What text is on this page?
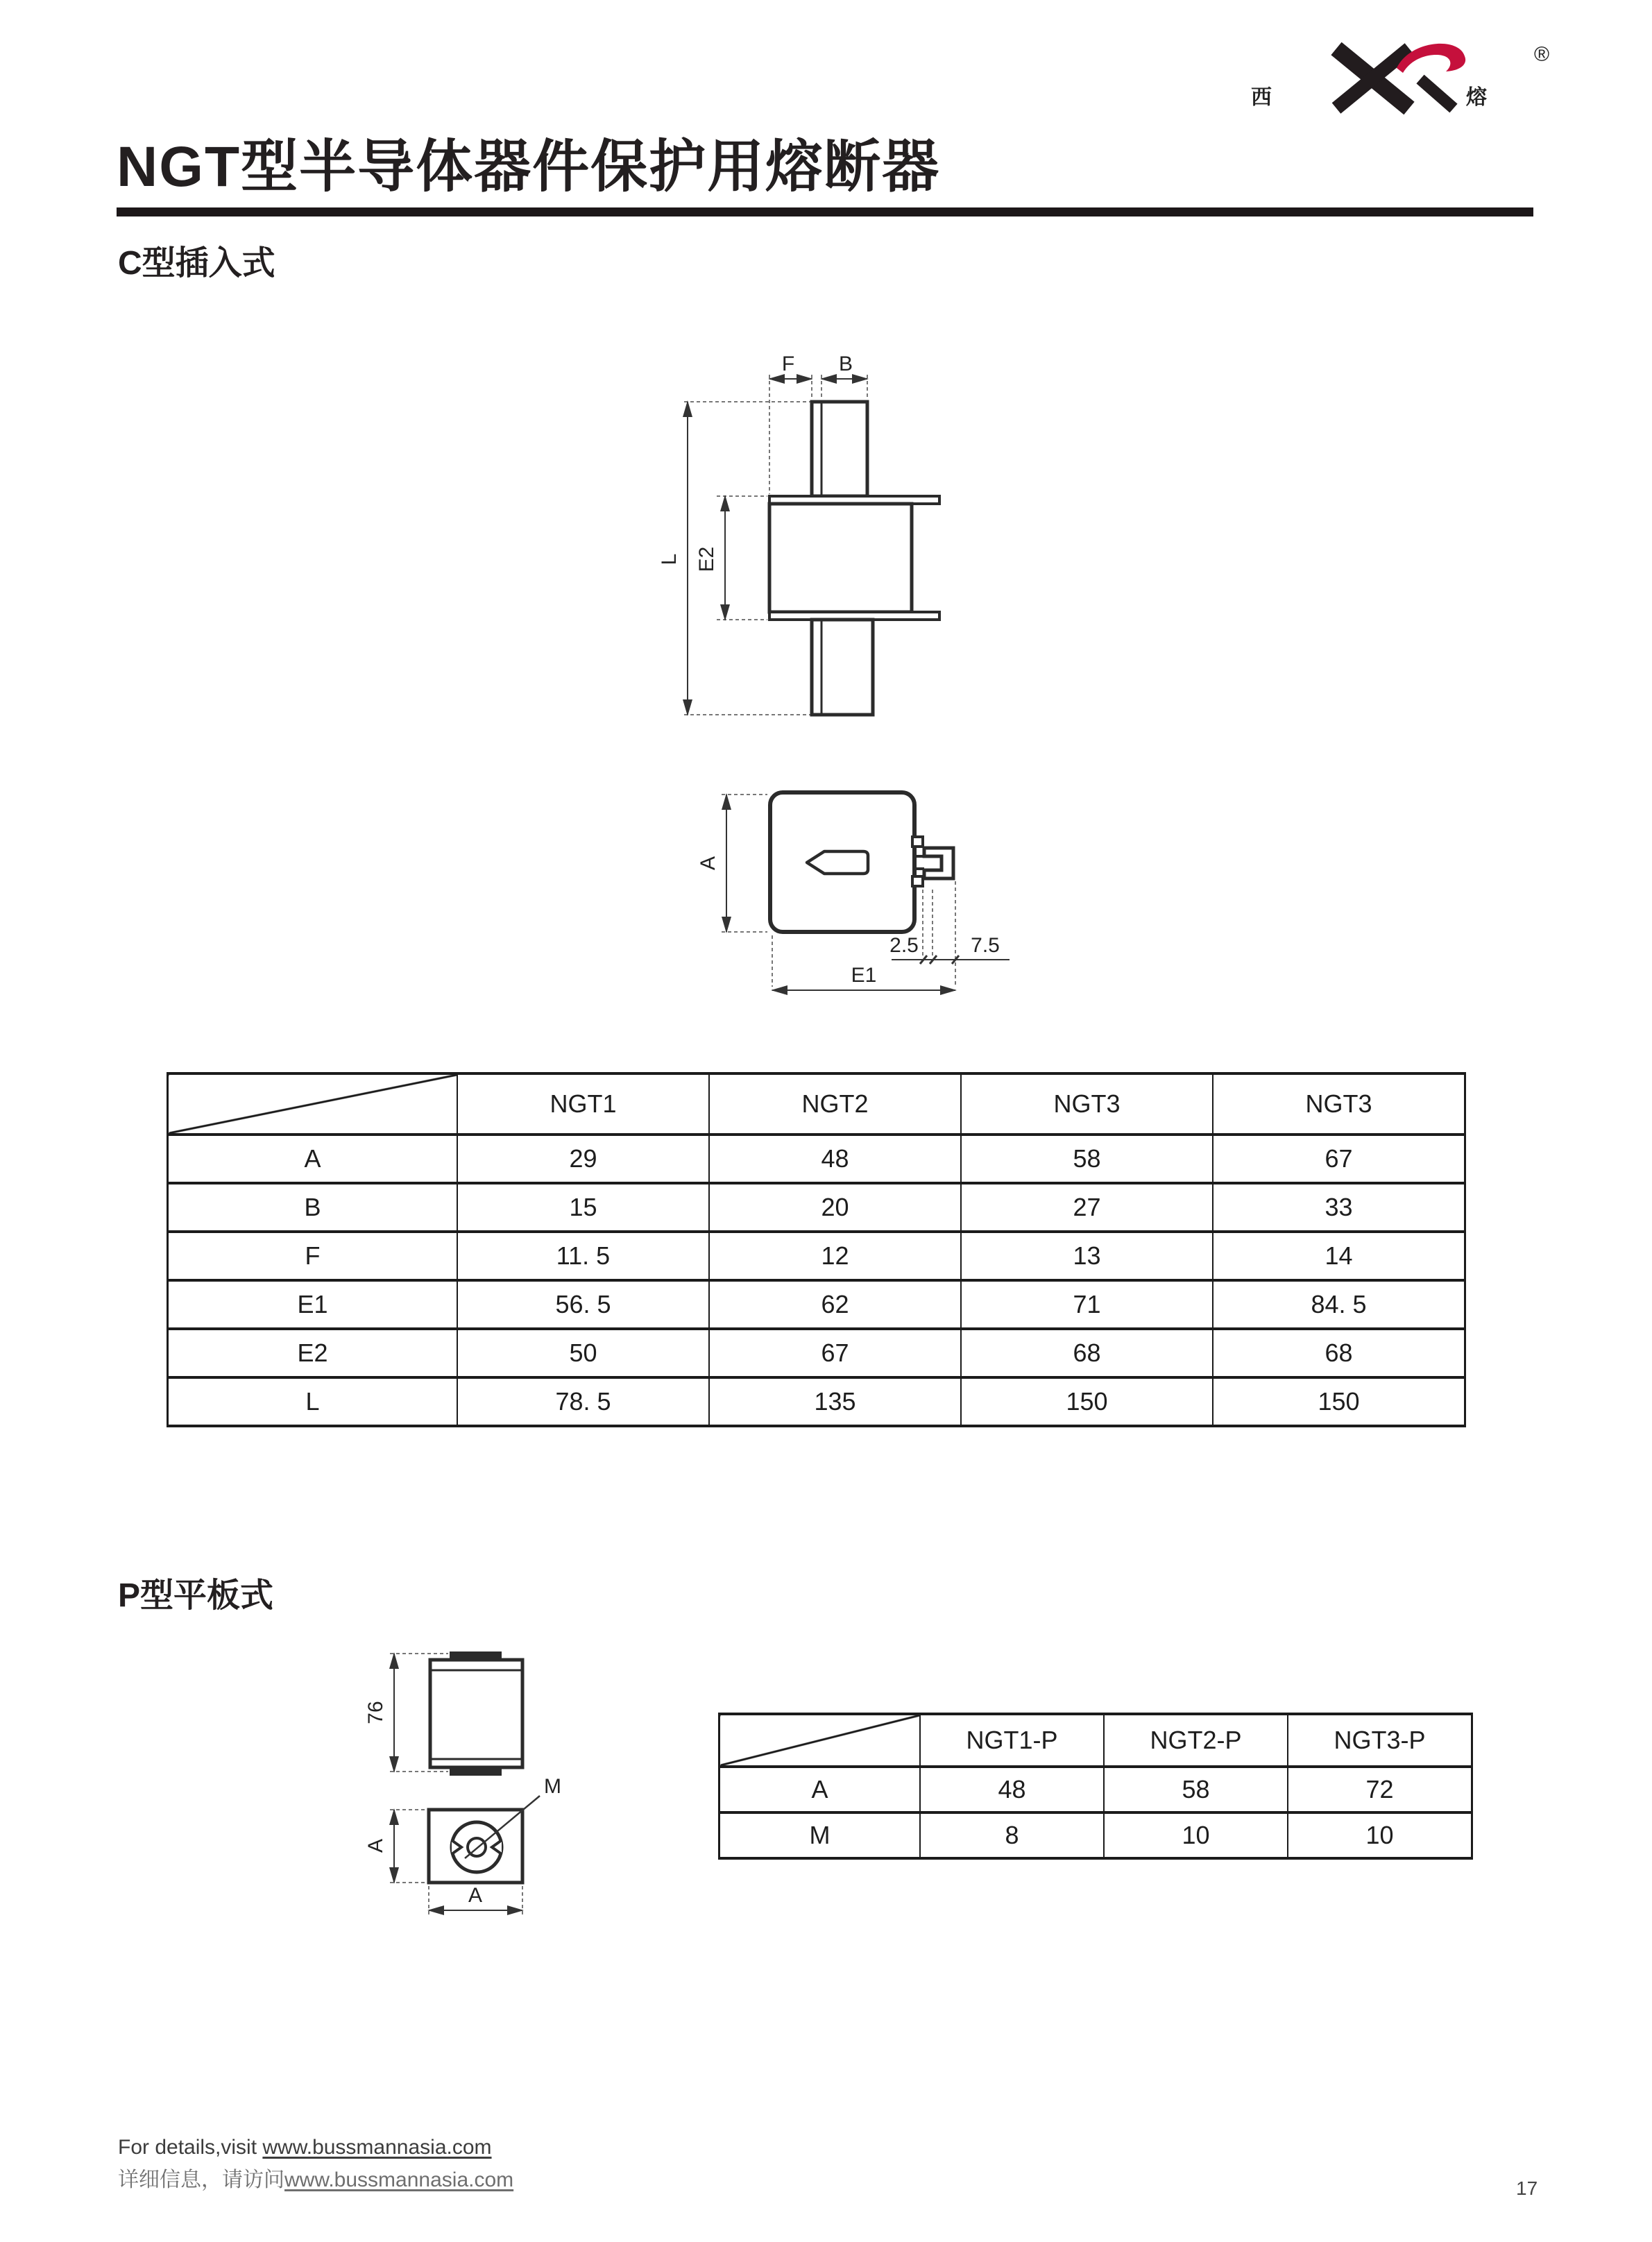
西	熔
®
NGT型半导体器件保护用熔断器
C型插入式
F B
L E2
A
2.5	7.5
E1
	NGT1	NGT2	NGT3	NGT3
A	29	48	58	67
B	15	20	27	33
F	11. 5	12	13	14
E1	56. 5	62	71	84. 5
E2	50	67	68	68
L	78. 5	135	150	150
P型平板式
76
A
A
M
	NGT1-P	NGT2-P	NGT3-P
A	48	58	72
M	8	10	10
For details,visit www.bussmannasia.com
详细信息，请访问www.bussmannasia.com	17
